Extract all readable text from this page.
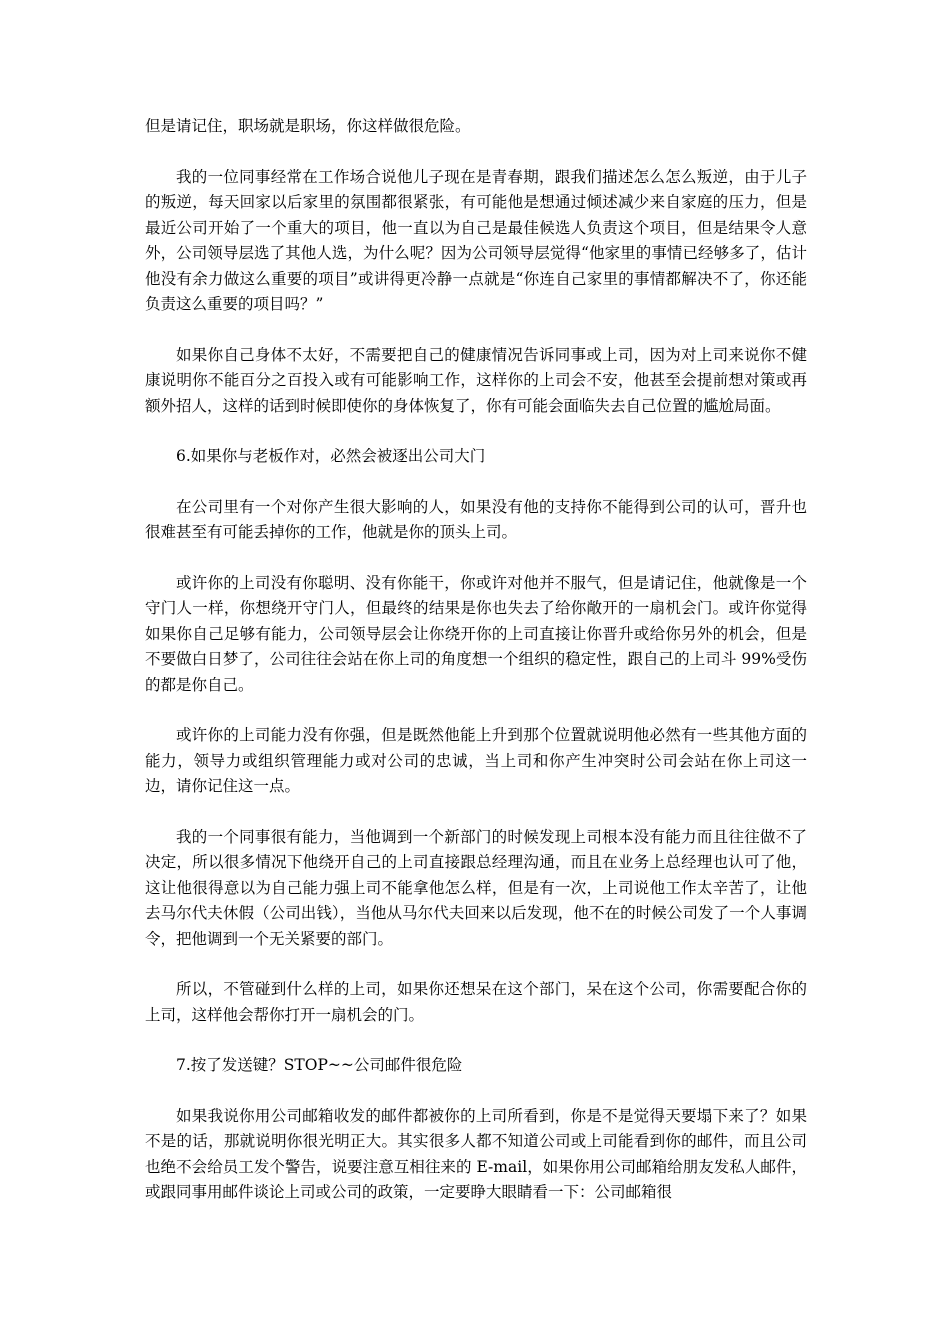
但是请记住，职场就是职场，你这样做很危险。

我的一位同事经常在工作场合说他儿子现在是青春期，跟我们描述怎么怎么叛逆，由于儿子的叛逆，每天回家以后家里的氛围都很紧张，有可能他是想通过倾述减少来自家庭的压力，但是最近公司开始了一个重大的项目，他一直以为自己是最佳候选人负责这个项目，但是结果令人意外，公司领导层选了其他人选，为什么呢？因为公司领导层觉得“他家里的事情已经够多了，估计他没有余力做这么重要的项目”或讲得更冷静一点就是“你连自己家里的事情都解决不了，你还能负责这么重要的项目吗？”

如果你自己身体不太好，不需要把自己的健康情况告诉同事或上司，因为对上司来说你不健康说明你不能百分之百投入或有可能影响工作，这样你的上司会不安，他甚至会提前想对策或再额外招人，这样的话到时候即使你的身体恢复了，你有可能会面临失去自己位置的尴尬局面。

6.如果你与老板作对，必然会被逐出公司大门

在公司里有一个对你产生很大影响的人，如果没有他的支持你不能得到公司的认可，晋升也很难甚至有可能丢掉你的工作，他就是你的顶头上司。

或许你的上司没有你聪明、没有你能干，你或许对他并不服气，但是请记住，他就像是一个守门人一样，你想绕开守门人，但最终的结果是你也失去了给你敞开的一扇机会门。或许你觉得如果你自己足够有能力，公司领导层会让你绕开你的上司直接让你晋升或给你另外的机会，但是不要做白日梦了，公司往往会站在你上司的角度想一个组织的稳定性，跟自己的上司斗 99%受伤的都是你自己。

或许你的上司能力没有你强，但是既然他能上升到那个位置就说明他必然有一些其他方面的能力，领导力或组织管理能力或对公司的忠诚，当上司和你产生冲突时公司会站在你上司这一边，请你记住这一点。

我的一个同事很有能力，当他调到一个新部门的时候发现上司根本没有能力而且往往做不了决定，所以很多情况下他绕开自己的上司直接跟总经理沟通，而且在业务上总经理也认可了他，这让他很得意以为自己能力强上司不能拿他怎么样，但是有一次，上司说他工作太辛苦了，让他去马尔代夫休假（公司出钱），当他从马尔代夫回来以后发现，他不在的时候公司发了一个人事调令，把他调到一个无关紧要的部门。

所以，不管碰到什么样的上司，如果你还想呆在这个部门，呆在这个公司，你需要配合你的上司，这样他会帮你打开一扇机会的门。

7.按了发送键？STOP~~公司邮件很危险

如果我说你用公司邮箱收发的邮件都被你的上司所看到，你是不是觉得天要塌下来了？如果不是的话，那就说明你很光明正大。其实很多人都不知道公司或上司能看到你的邮件，而且公司也绝不会给员工发个警告，说要注意互相往来的 E-mail，如果你用公司邮箱给朋友发私人邮件，或跟同事用邮件谈论上司或公司的政策，一定要睁大眼睛看一下：公司邮箱很
